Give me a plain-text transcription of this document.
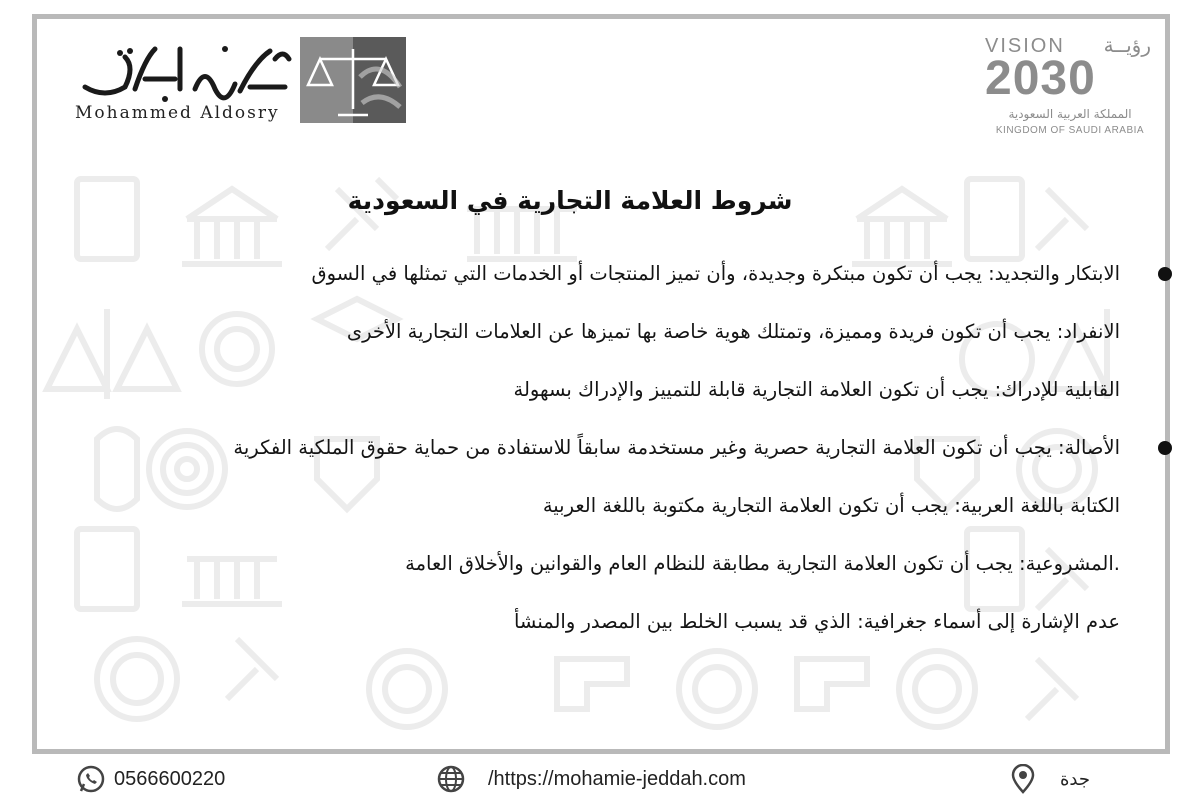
Mohammed Aldosry
VISION رؤيــة
2030
المملكة العربية السعودية
KINGDOM OF SAUDI ARABIA
شروط العلامة التجارية في السعودية
الابتكار والتجديد: يجب أن تكون مبتكرة وجديدة، وأن تميز المنتجات أو الخدمات التي تمثلها في السوق
الانفراد: يجب أن تكون فريدة ومميزة، وتمتلك هوية خاصة بها تميزها عن العلامات التجارية الأخرى
القابلية للإدراك: يجب أن تكون العلامة التجارية قابلة للتمييز والإدراك بسهولة
الأصالة: يجب أن تكون العلامة التجارية حصرية وغير مستخدمة سابقاً للاستفادة من حماية حقوق الملكية الفكرية
الكتابة باللغة العربية: يجب أن تكون العلامة التجارية مكتوبة باللغة العربية
.المشروعية: يجب أن تكون العلامة التجارية مطابقة للنظام العام والقوانين والأخلاق العامة
عدم الإشارة إلى أسماء جغرافية: الذي قد يسبب الخلط بين المصدر والمنشأ
0566600220	/https://mohamie-jeddah.com	جدة
